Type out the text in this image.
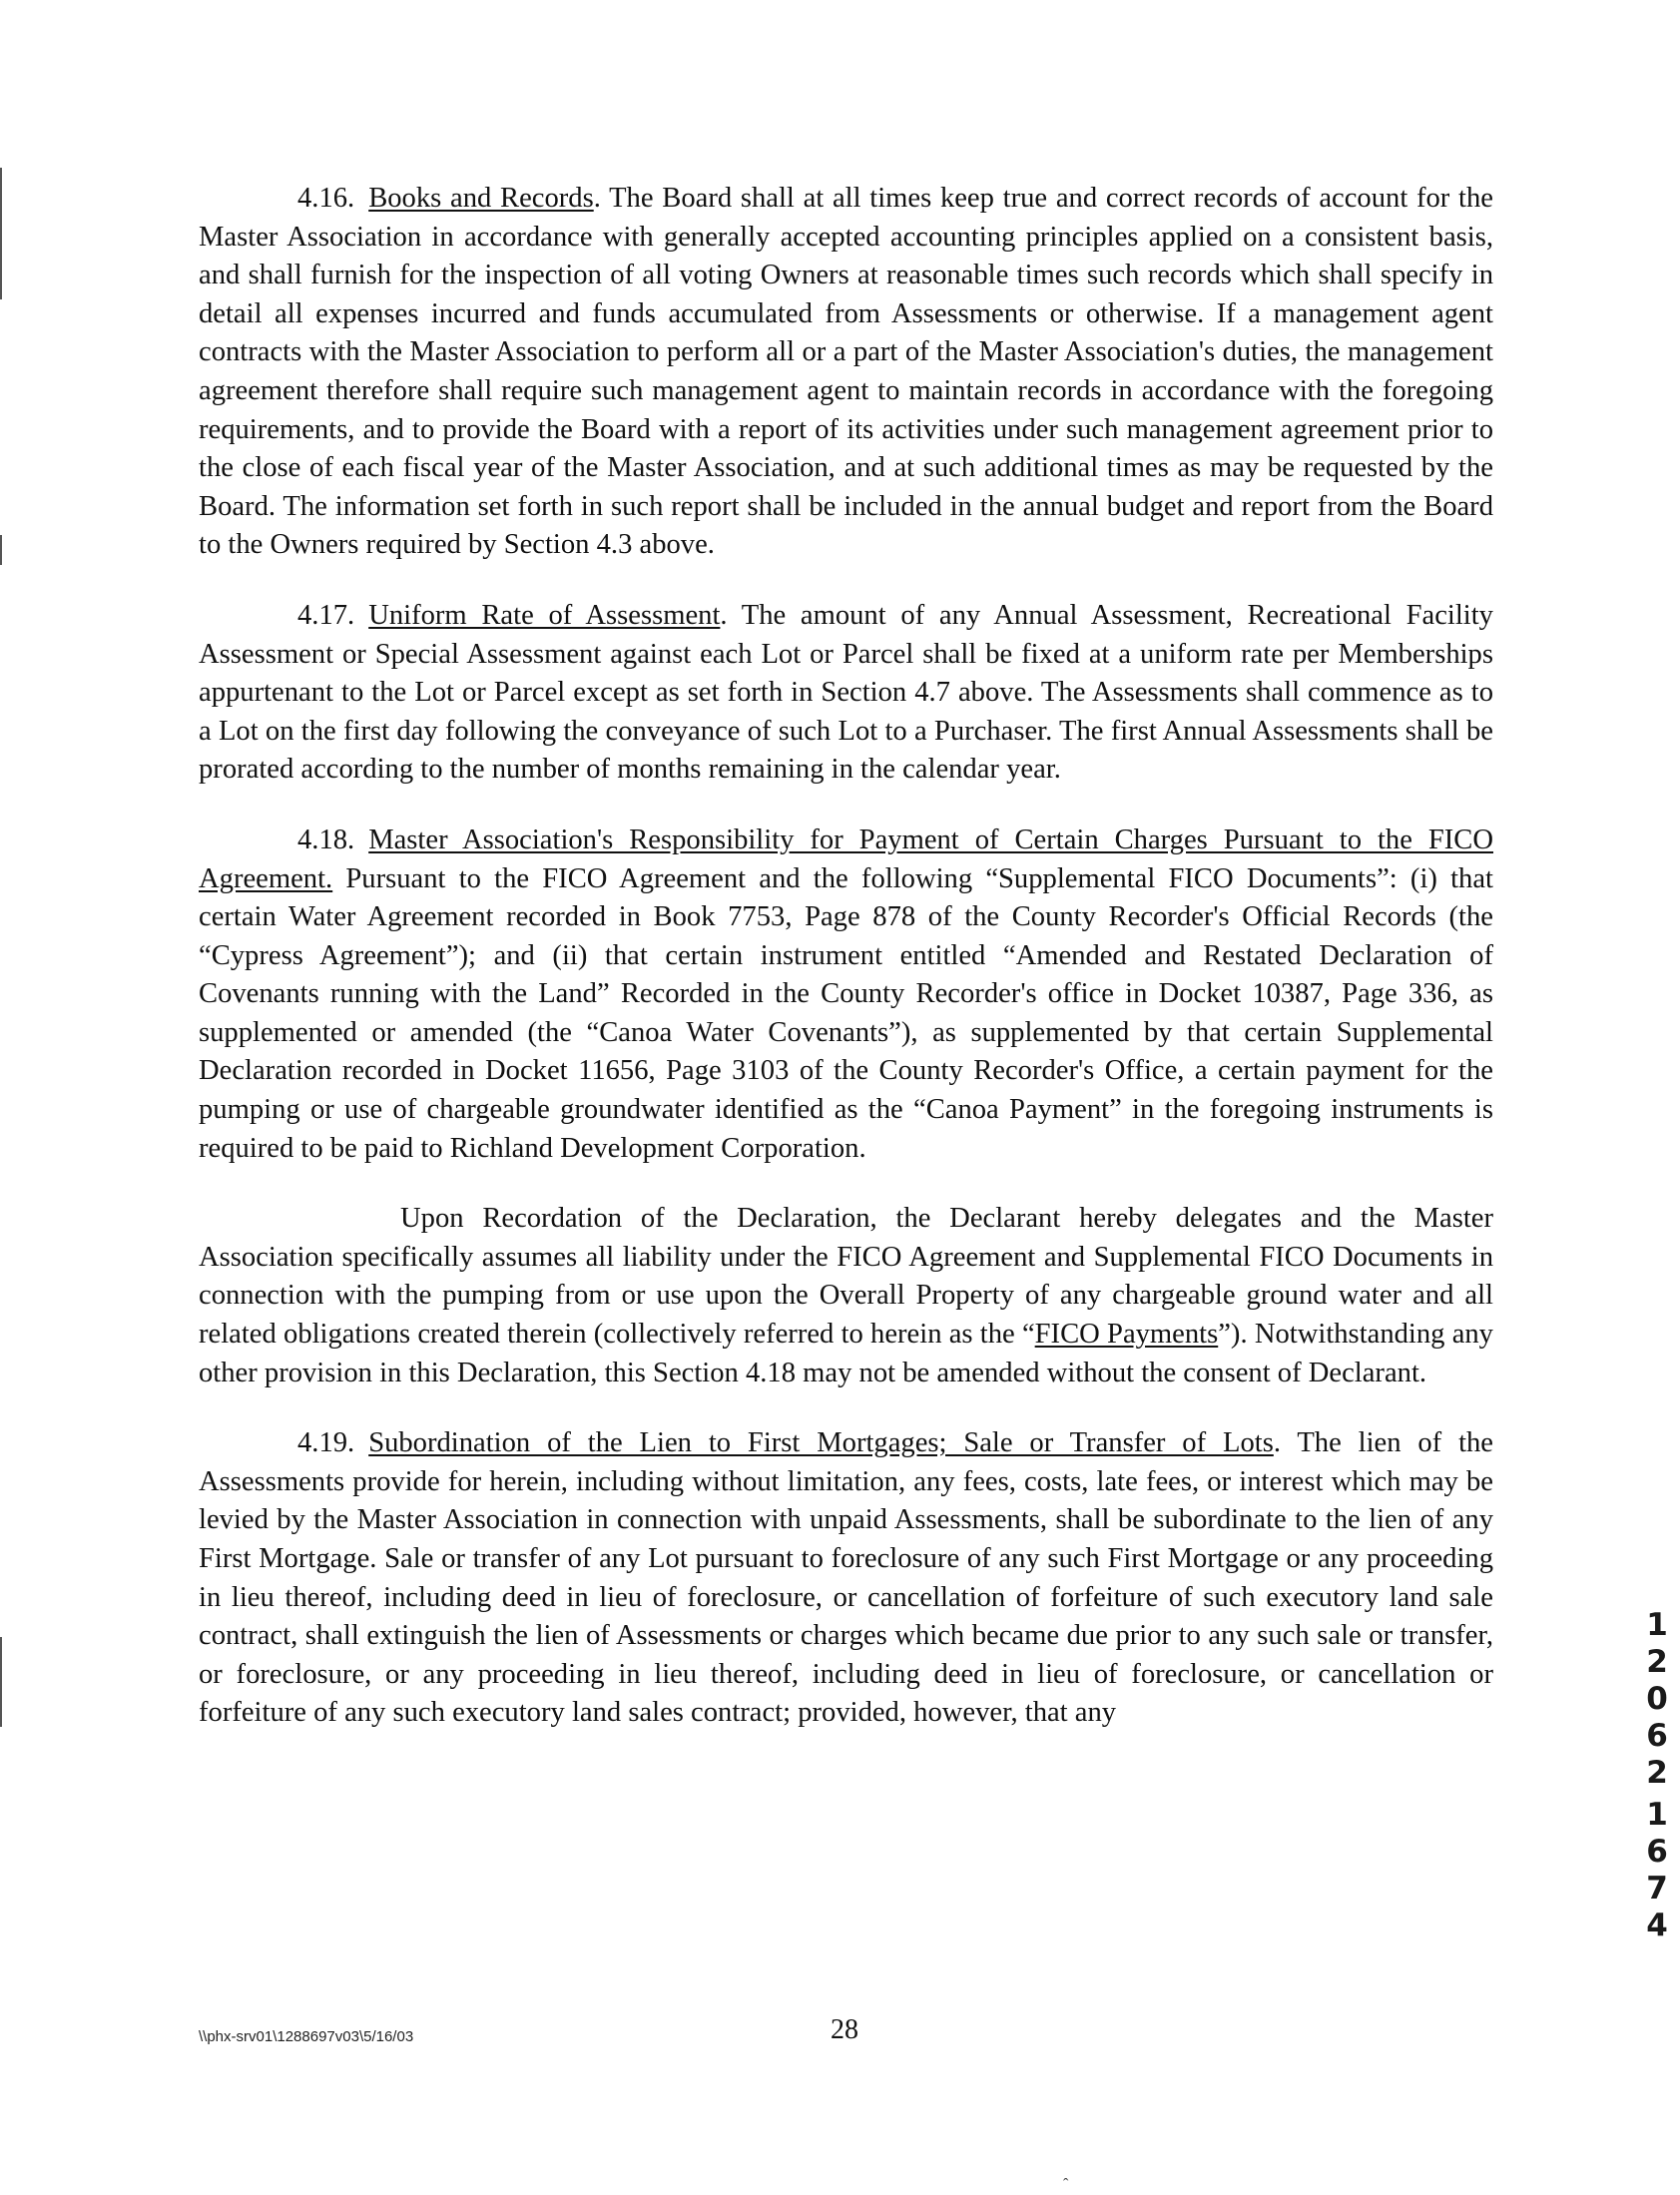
4.16. Books and Records. The Board shall at all times keep true and correct records of account for the Master Association in accordance with generally accepted accounting principles applied on a consistent basis, and shall furnish for the inspection of all voting Owners at reasonable times such records which shall specify in detail all expenses incurred and funds accumulated from Assessments or otherwise. If a management agent contracts with the Master Association to perform all or a part of the Master Association's duties, the management agreement therefore shall require such management agent to maintain records in accordance with the foregoing requirements, and to provide the Board with a report of its activities under such management agreement prior to the close of each fiscal year of the Master Association, and at such additional times as may be requested by the Board. The information set forth in such report shall be included in the annual budget and report from the Board to the Owners required by Section 4.3 above.

4.17. Uniform Rate of Assessment. The amount of any Annual Assessment, Recreational Facility Assessment or Special Assessment against each Lot or Parcel shall be fixed at a uniform rate per Memberships appurtenant to the Lot or Parcel except as set forth in Section 4.7 above. The Assessments shall commence as to a Lot on the first day following the conveyance of such Lot to a Purchaser. The first Annual Assessments shall be prorated according to the number of months remaining in the calendar year.

4.18. Master Association's Responsibility for Payment of Certain Charges Pursuant to the FICO Agreement. Pursuant to the FICO Agreement and the following “Supplemental FICO Documents”: (i) that certain Water Agreement recorded in Book 7753, Page 878 of the County Recorder's Official Records (the “Cypress Agreement”); and (ii) that certain instrument entitled “Amended and Restated Declaration of Covenants running with the Land” Recorded in the County Recorder's office in Docket 10387, Page 336, as supplemented or amended (the “Canoa Water Covenants”), as supplemented by that certain Supplemental Declaration recorded in Docket 11656, Page 3103 of the County Recorder's Office, a certain payment for the pumping or use of chargeable groundwater identified as the “Canoa Payment” in the foregoing instruments is required to be paid to Richland Development Corporation.

Upon Recordation of the Declaration, the Declarant hereby delegates and the Master Association specifically assumes all liability under the FICO Agreement and Supplemental FICO Documents in connection with the pumping from or use upon the Overall Property of any chargeable ground water and all related obligations created therein (collectively referred to herein as the “FICO Payments”). Notwithstanding any other provision in this Declaration, this Section 4.18 may not be amended without the consent of Declarant.

4.19. Subordination of the Lien to First Mortgages; Sale or Transfer of Lots. The lien of the Assessments provide for herein, including without limitation, any fees, costs, late fees, or interest which may be levied by the Master Association in connection with unpaid Assessments, shall be subordinate to the lien of any First Mortgage. Sale or transfer of any Lot pursuant to foreclosure of any such First Mortgage or any proceeding in lieu thereof, including deed in lieu of foreclosure, or cancellation of forfeiture of such executory land sale contract, shall extinguish the lien of Assessments or charges which became due prior to any such sale or transfer, or foreclosure, or any proceeding in lieu thereof, including deed in lieu of foreclosure, or cancellation or forfeiture of any such executory land sales contract; provided, however, that any

1
2
0
6
2
1
6
7
4
\\phx-srv01\1288697v03\5/16/03	28
ˆ
